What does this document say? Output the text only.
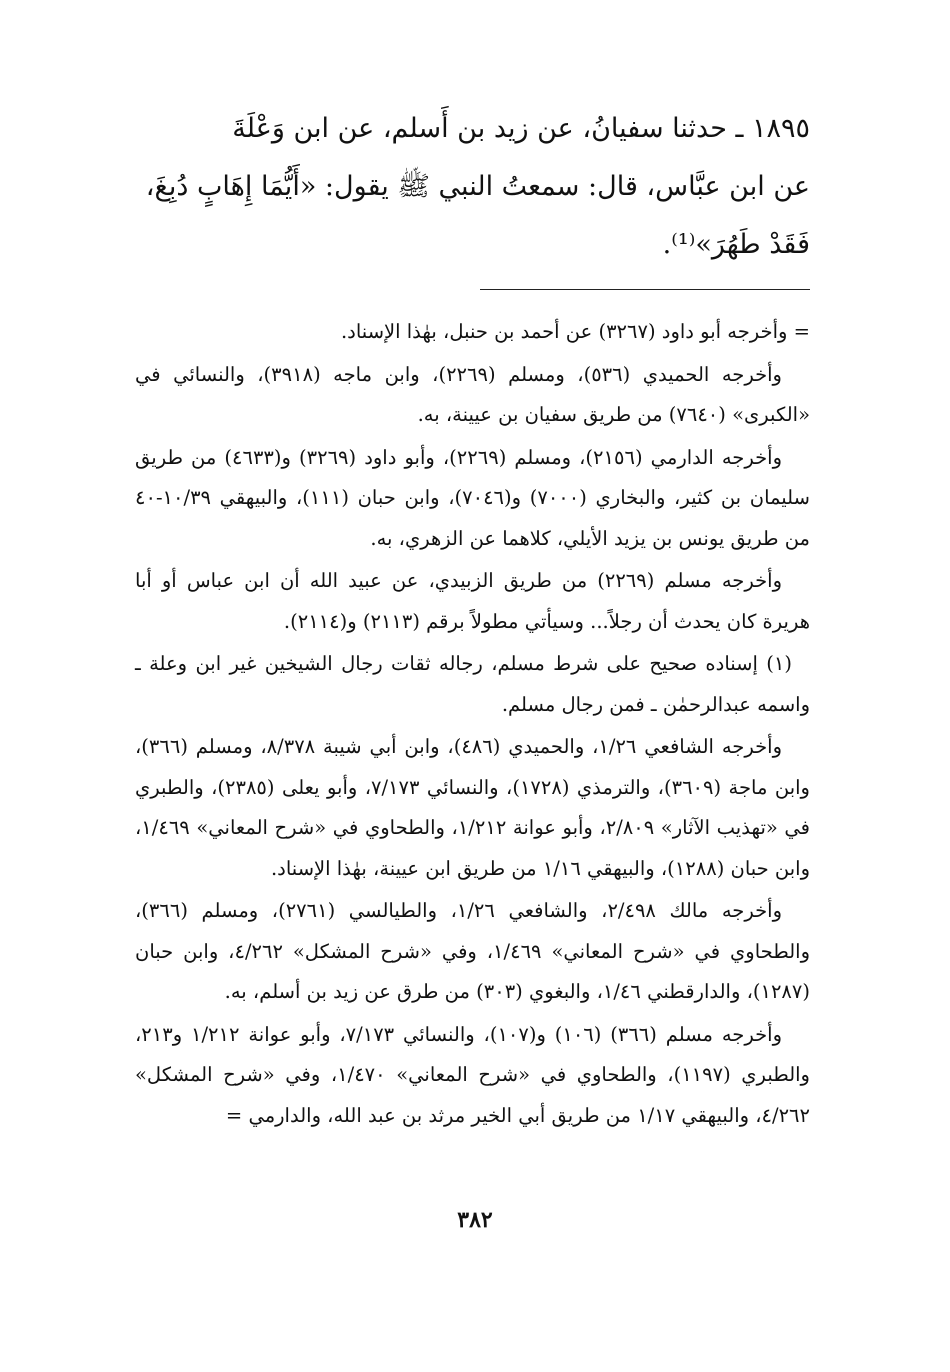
١٨٩٥ ـ حدثنا سفيانُ، عن زيد بن أَسلم، عن ابن وَعْلَةَ

عن ابن عبَّاس، قال: سمعتُ النبي ﷺ يقول: «أَيُّمَا إِهَابٍ دُبِغَ،

فَقَدْ طَهُرَ»⁽¹⁾.

= وأخرجه أبو داود (٣٢٦٧) عن أحمد بن حنبل، بهٰذا الإسناد.

وأخرجه الحميدي (٥٣٦)، ومسلم (٢٢٦٩)، وابن ماجه (٣٩١٨)، والنسائي في «الكبرى» (٧٦٤٠) من طريق سفيان بن عيينة، به.

وأخرجه الدارمي (٢١٥٦)، ومسلم (٢٢٦٩)، وأبو داود (٣٢٦٩) و(٤٦٣٣) من طريق سليمان بن كثير، والبخاري (٧٠٠٠) و(٧٠٤٦)، وابن حبان (١١١)، والبيهقي ١٠/٣٩-٤٠ من طريق يونس بن يزيد الأيلي، كلاهما عن الزهري، به.

وأخرجه مسلم (٢٢٦٩) من طريق الزبيدي، عن عبيد الله أن ابن عباس أو أبا هريرة كان يحدث أن رجلاً... وسيأتي مطولاً برقم (٢١١٣) و(٢١١٤).

(١) إسناده صحيح على شرط مسلم، رجاله ثقات رجال الشيخين غير ابن وعلة ـ واسمه عبدالرحمٰن ـ فمن رجال مسلم.

وأخرجه الشافعي ١/٢٦، والحميدي (٤٨٦)، وابن أبي شيبة ٨/٣٧٨، ومسلم (٣٦٦)، وابن ماجة (٣٦٠٩)، والترمذي (١٧٢٨)، والنسائي ٧/١٧٣، وأبو يعلى (٢٣٨٥)، والطبري في «تهذيب الآثار» ٢/٨٠٩، وأبو عوانة ١/٢١٢، والطحاوي في «شرح المعاني» ١/٤٦٩، وابن حبان (١٢٨٨)، والبيهقي ١/١٦ من طريق ابن عيينة، بهٰذا الإسناد.

وأخرجه مالك ٢/٤٩٨، والشافعي ١/٢٦، والطيالسي (٢٧٦١)، ومسلم (٣٦٦)، والطحاوي في «شرح المعاني» ١/٤٦٩، وفي «شرح المشكل» ٤/٢٦٢، وابن حبان (١٢٨٧)، والدارقطني ١/٤٦، والبغوي (٣٠٣) من طرق عن زيد بن أسلم، به.

وأخرجه مسلم (٣٦٦) (١٠٦) و(١٠٧)، والنسائي ٧/١٧٣، وأبو عوانة ١/٢١٢ و٢١٣، والطبري (١١٩٧)، والطحاوي في «شرح المعاني» ١/٤٧٠، وفي «شرح المشكل» ٤/٢٦٢، والبيهقي ١/١٧ من طريق أبي الخير مرثد بن عبد الله، والدارمي =

٣٨٢
